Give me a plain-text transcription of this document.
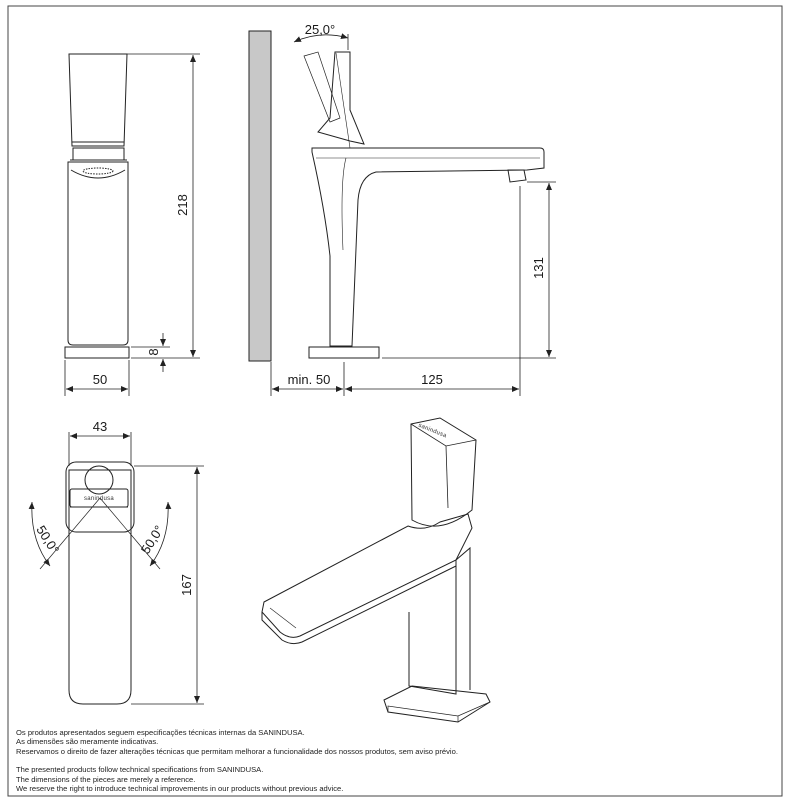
218
8
50
25,0°
131
min. 50	125
sanindusa
43
50,0°	50,0°
167
sanindusa

Os produtos apresentados seguem especificações técnicas internas da SANINDUSA.

As dimensões são meramente indicativas.

Reservamos o direito de fazer alterações técnicas que permitam melhorar a funcionalidade dos nossos produtos, sem aviso prévio.

The presented products follow technical specifications from SANINDUSA.

The dimensions of the pieces are merely a reference.

We reserve the right to introduce technical improvements in our products without previous advice.
